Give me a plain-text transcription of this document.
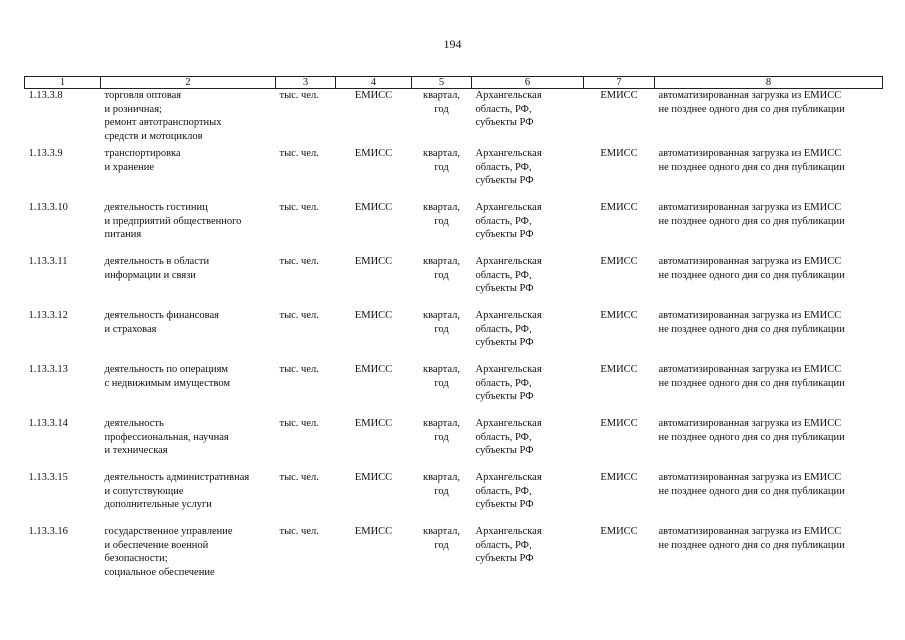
194
1	2	3	4	5	6	7	8

1.13.3.8	торговля оптовая
и розничная;
ремонт автотранспортных
средств и мотоциклов	тыс. чел.	ЕМИСС	квартал,
год	Архангельская
область, РФ,
субъекты РФ	ЕМИСС	автоматизированная загрузка из ЕМИСС
не позднее одного дня со дня публикации

1.13.3.9	транспортировка
и хранение	тыс. чел.	ЕМИСС	квартал,
год	Архангельская
область, РФ,
субъекты РФ	ЕМИСС	автоматизированная загрузка из ЕМИСС
не позднее одного дня со дня публикации

1.13.3.10	деятельность гостиниц
и предприятий общественного
питания	тыс. чел.	ЕМИСС	квартал,
год	Архангельская
область, РФ,
субъекты РФ	ЕМИСС	автоматизированная загрузка из ЕМИСС
не позднее одного дня со дня публикации

1.13.3.11	деятельность в области
информации и связи	тыс. чел.	ЕМИСС	квартал,
год	Архангельская
область, РФ,
субъекты РФ	ЕМИСС	автоматизированная загрузка из ЕМИСС
не позднее одного дня со дня публикации

1.13.3.12	деятельность финансовая
и страховая	тыс. чел.	ЕМИСС	квартал,
год	Архангельская
область, РФ,
субъекты РФ	ЕМИСС	автоматизированная загрузка из ЕМИСС
не позднее одного дня со дня публикации

1.13.3.13	деятельность по операциям
с недвижимым имуществом	тыс. чел.	ЕМИСС	квартал,
год	Архангельская
область, РФ,
субъекты РФ	ЕМИСС	автоматизированная загрузка из ЕМИСС
не позднее одного дня со дня публикации

1.13.3.14	деятельность
профессиональная, научная
и техническая	тыс. чел.	ЕМИСС	квартал,
год	Архангельская
область, РФ,
субъекты РФ	ЕМИСС	автоматизированная загрузка из ЕМИСС
не позднее одного дня со дня публикации

1.13.3.15	деятельность административная
и сопутствующие
дополнительные услуги	тыс. чел.	ЕМИСС	квартал,
год	Архангельская
область, РФ,
субъекты РФ	ЕМИСС	автоматизированная загрузка из ЕМИСС
не позднее одного дня со дня публикации

1.13.3.16	государственное управление
и обеспечение военной
безопасности;
социальное обеспечение	тыс. чел.	ЕМИСС	квартал,
год	Архангельская
область, РФ,
субъекты РФ	ЕМИСС	автоматизированная загрузка из ЕМИСС
не позднее одного дня со дня публикации
